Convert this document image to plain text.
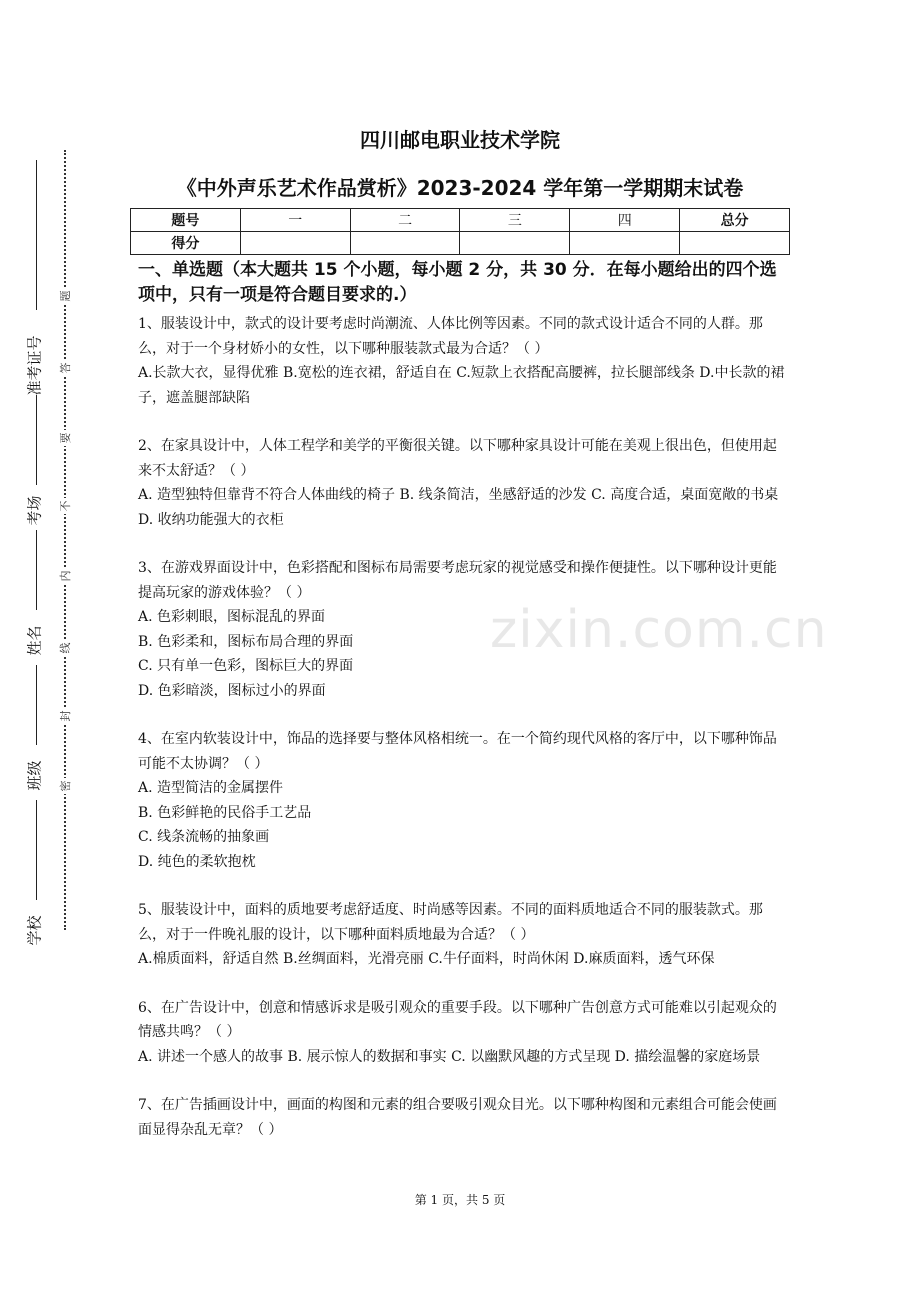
准考证号
考场
姓名
班级
学校
题
答
要
不
内
线
封
密
四川邮电职业技术学院
《中外声乐艺术作品赏析》2023-2024 学年第一学期期末试卷
题号	一	二	三	四	总分
得分					
一、单选题（本大题共 15 个小题，每小题 2 分，共 30 分．在每小题给出的四个选项中，只有一项是符合题目要求的.）

1、服装设计中，款式的设计要考虑时尚潮流、人体比例等因素。不同的款式设计适合不同的人群。那么，对于一个身材娇小的女性，以下哪种服装款式最为合适？（ ）

A.长款大衣，显得优雅 B.宽松的连衣裙，舒适自在 C.短款上衣搭配高腰裤，拉长腿部线条 D.中长款的裙子，遮盖腿部缺陷

2、在家具设计中，人体工程学和美学的平衡很关键。以下哪种家具设计可能在美观上很出色，但使用起来不太舒适？（ ）

A. 造型独特但靠背不符合人体曲线的椅子 B. 线条简洁，坐感舒适的沙发 C. 高度合适，桌面宽敞的书桌 D. 收纳功能强大的衣柜

3、在游戏界面设计中，色彩搭配和图标布局需要考虑玩家的视觉感受和操作便捷性。以下哪种设计更能提高玩家的游戏体验？（ ）

A. 色彩刺眼，图标混乱的界面

B. 色彩柔和，图标布局合理的界面

C. 只有单一色彩，图标巨大的界面

D. 色彩暗淡，图标过小的界面

4、在室内软装设计中，饰品的选择要与整体风格相统一。在一个简约现代风格的客厅中，以下哪种饰品可能不太协调？（ ）

A. 造型简洁的金属摆件

B. 色彩鲜艳的民俗手工艺品

C. 线条流畅的抽象画

D. 纯色的柔软抱枕

5、服装设计中，面料的质地要考虑舒适度、时尚感等因素。不同的面料质地适合不同的服装款式。那么，对于一件晚礼服的设计，以下哪种面料质地最为合适？（ ）

A.棉质面料，舒适自然 B.丝绸面料，光滑亮丽 C.牛仔面料，时尚休闲 D.麻质面料，透气环保

6、在广告设计中，创意和情感诉求是吸引观众的重要手段。以下哪种广告创意方式可能难以引起观众的情感共鸣？（ ）

A. 讲述一个感人的故事 B. 展示惊人的数据和事实 C. 以幽默风趣的方式呈现 D. 描绘温馨的家庭场景

7、在广告插画设计中，画面的构图和元素的组合要吸引观众目光。以下哪种构图和元素组合可能会使画面显得杂乱无章？（ ）

zixin.com.cn
第 1 页，共 5 页
